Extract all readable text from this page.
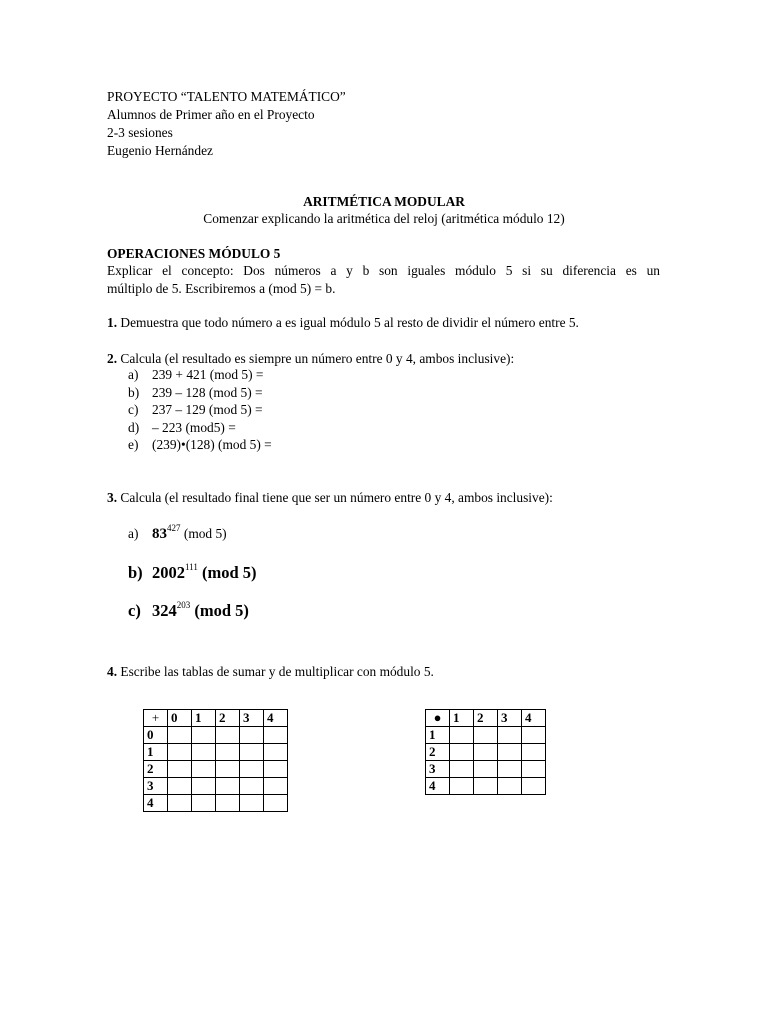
PROYECTO “TALENTO MATEMÁTICO”
Alumnos de Primer año en el Proyecto
2-3 sesiones
Eugenio Hernández
ARITMÉTICA MODULAR
Comenzar explicando la aritmética del reloj (aritmética módulo 12)
OPERACIONES MÓDULO 5

Explicar el concepto: Dos números a y b son iguales módulo 5 si su diferencia es un

múltiplo de 5. Escribiremos a (mod 5) = b.

1. Demuestra que todo número a es igual módulo 5 al resto de dividir el número entre 5.
2. Calcula (el resultado es siempre un número entre 0 y 4, ambos inclusive):
a) 239 + 421 (mod 5) =
b) 239 – 128 (mod 5) =
c) 237 – 129 (mod 5) =
d) – 223 (mod5) =
e) (239)•(128) (mod 5) =
3. Calcula (el resultado final tiene que ser un número entre 0 y 4, ambos inclusive):
a) $83^{427}$ (mod 5)
b) 2002$^{111}$ (mod 5)
c) $324^{203}$ (mod 5)
4. Escribe las tablas de sumar y de multiplicar con módulo 5.
+	0	1	2	3	4
0					
1					
2					
3					
4					
●	1	2	3	4
1				
2				
3				
4				
